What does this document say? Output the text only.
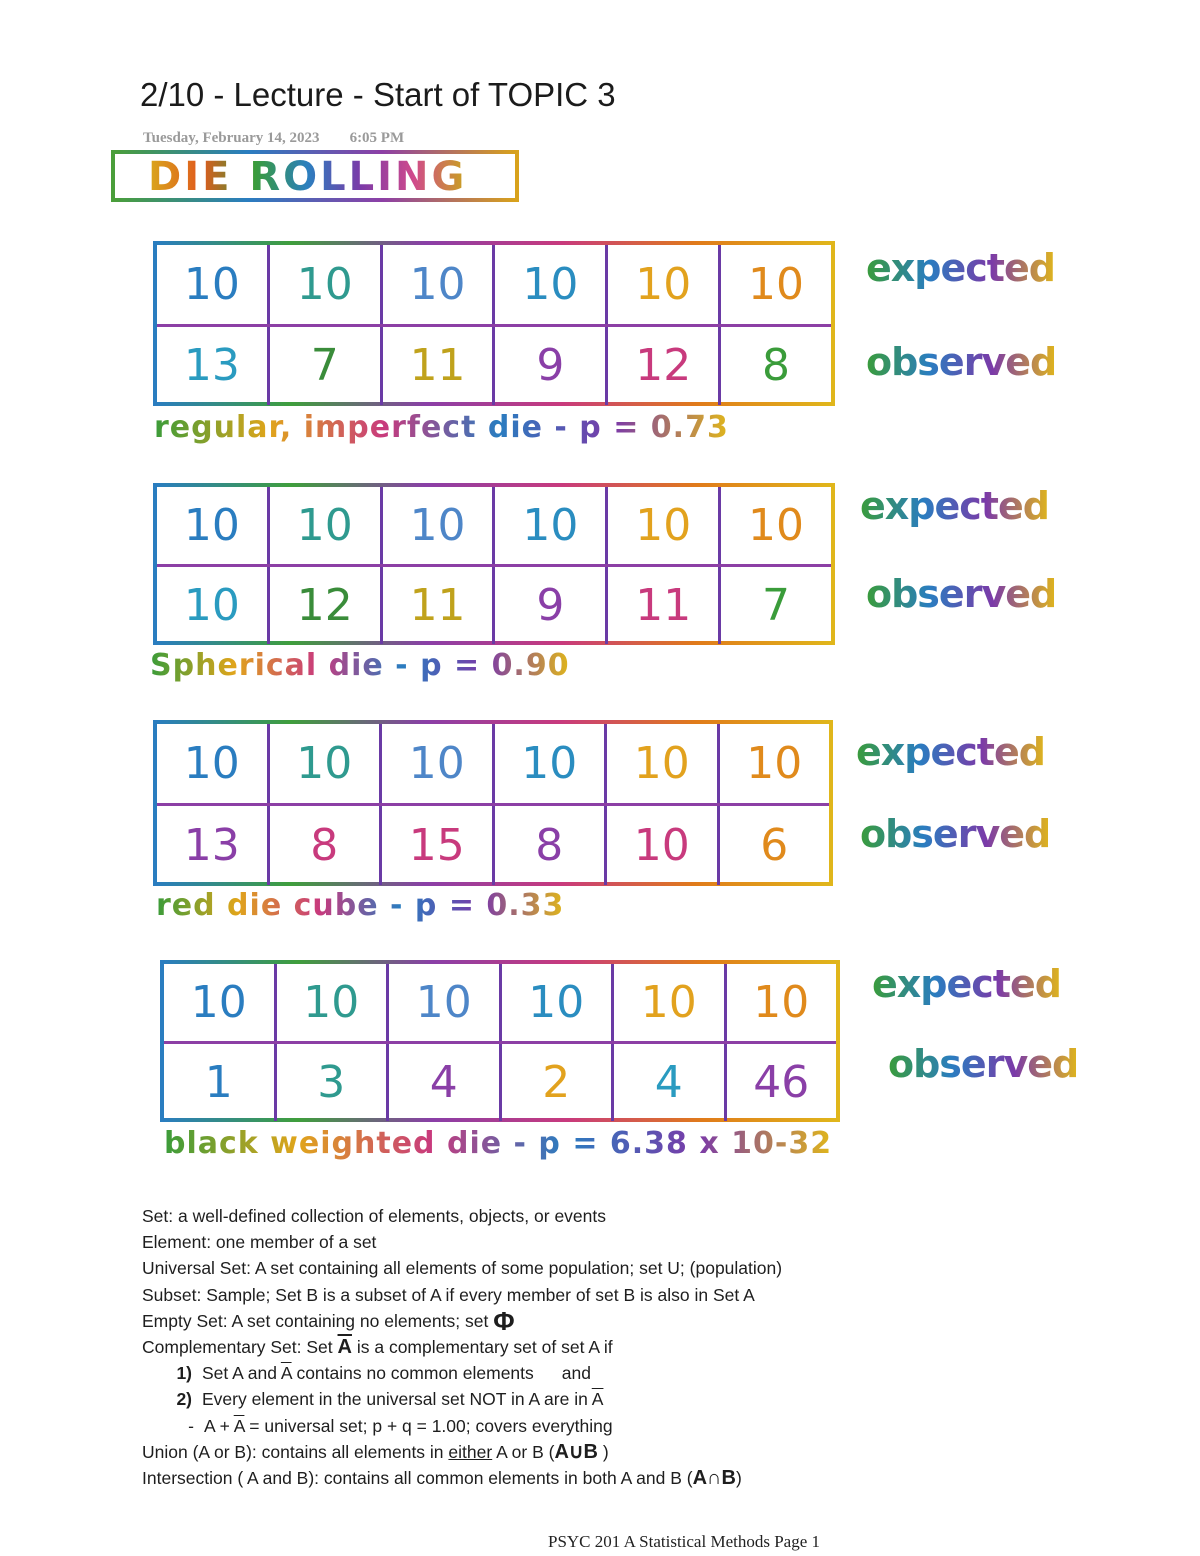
2/10 - Lecture - Start of TOPIC 3
Tuesday, February 14, 2023 6:05 PM
DIE ROLLING
10	10	10	10	10	10
13	7	11	9	12	8
expected
observed
regular, imperfect die - p = 0.73
10	10	10	10	10	10
10	12	11	9	11	7
expected
observed
Spherical die - p = 0.90
10	10	10	10	10	10
13	8	15	8	10	6
expected
observed
red die cube - p = 0.33
10	10	10	10	10	10
1	3	4	2	4	46
expected
observed
black weighted die - p = 6.38 x 10-32
Set: a well-defined collection of elements, objects, or events
Element: one member of a set
Universal Set: A set containing all elements of some population; set U; (population)
Subset: Sample; Set B is a subset of A if every member of set B is also in Set A
Empty Set: A set containing no elements; set Φ
Complementary Set: Set $\overline{A}$ is a complementary set of set A if
1) Set A and $\overline{A}$ contains no common elements and
2) Every element in the universal set NOT in A are in $\overline{A}$
- $A + \overline{A}$ = universal set; p + q = 1.00; covers everything
Union (A or B): contains all elements in either A or B (A∪B )
Intersection ( A and B): contains all common elements in both A and B (A∩B)
PSYC 201 A Statistical Methods Page 1
